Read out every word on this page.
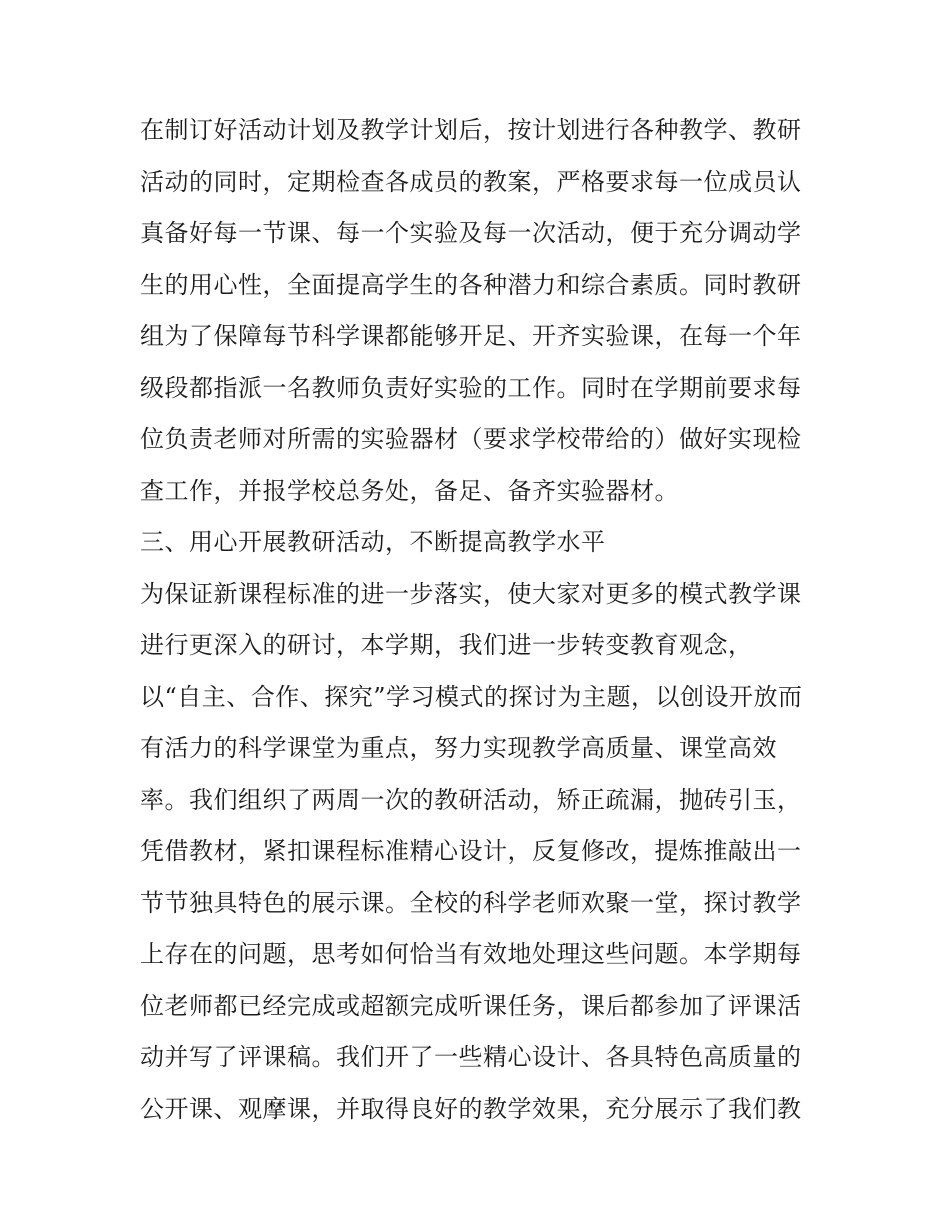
在制订好活动计划及教学计划后，按计划进行各种教学、教研
活动的同时，定期检查各成员的教案，严格要求每一位成员认
真备好每一节课、每一个实验及每一次活动，便于充分调动学
生的用心性，全面提高学生的各种潜力和综合素质。同时教研
组为了保障每节科学课都能够开足、开齐实验课，在每一个年
级段都指派一名教师负责好实验的工作。同时在学期前要求每
位负责老师对所需的实验器材（要求学校带给的）做好实现检
查工作，并报学校总务处，备足、备齐实验器材。
三、用心开展教研活动，不断提高教学水平
为保证新课程标准的进一步落实，使大家对更多的模式教学课
进行更深入的研讨，本学期，我们进一步转变教育观念，
以“自主、合作、探究”学习模式的探讨为主题，以创设开放而
有活力的科学课堂为重点，努力实现教学高质量、课堂高效
率。我们组织了两周一次的教研活动，矫正疏漏，抛砖引玉，
凭借教材，紧扣课程标准精心设计，反复修改，提炼推敲出一
节节独具特色的展示课。全校的科学老师欢聚一堂，探讨教学
上存在的问题，思考如何恰当有效地处理这些问题。本学期每
位老师都已经完成或超额完成听课任务，课后都参加了评课活
动并写了评课稿。我们开了一些精心设计、各具特色高质量的
公开课、观摩课，并取得良好的教学效果，充分展示了我们教
